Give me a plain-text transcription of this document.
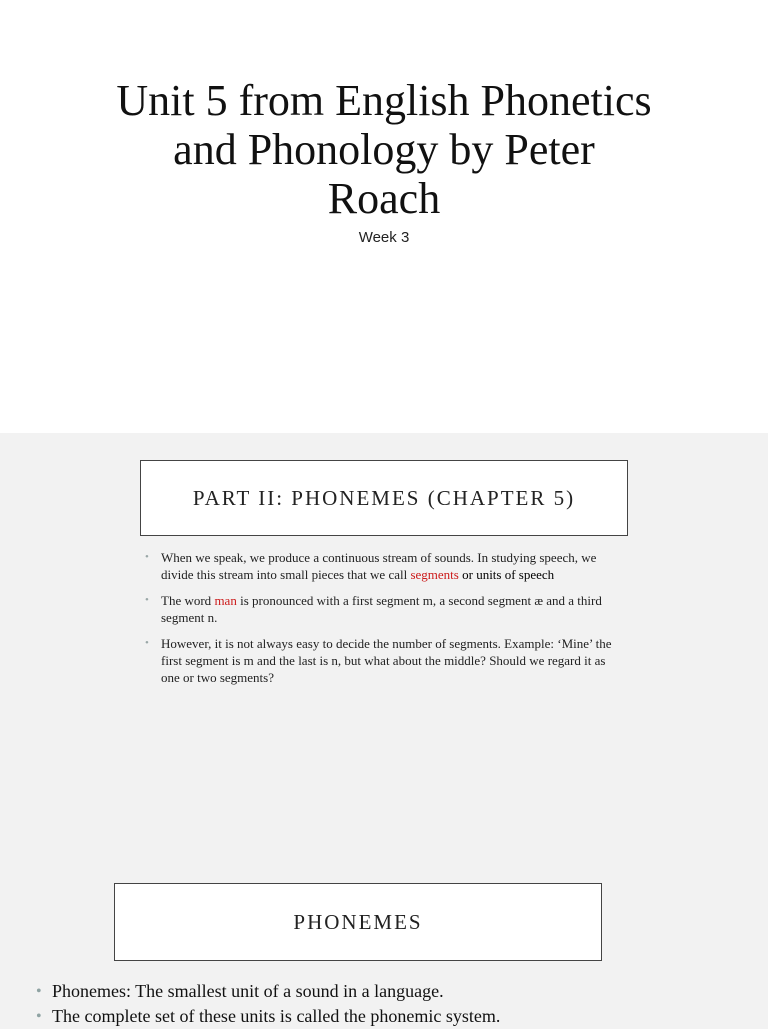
Unit 5 from English Phonetics
and Phonology by Peter
Roach
Week 3
PART II: PHONEMES (CHAPTER 5)
• When we speak, we produce a continuous stream of sounds. In studying speech, we divide this stream into small pieces that we call segments or units of speech
• The word man is pronounced with a first segment m, a second segment æ and a third segment n.
• However, it is not always easy to decide the number of segments. Example: ‘Mine’ the first segment is m and the last is n, but what about the middle? Should we regard it as one or two segments?
PHONEMES
• Phonemes: The smallest unit of a sound in a language.
• The complete set of these units is called the phonemic system.
